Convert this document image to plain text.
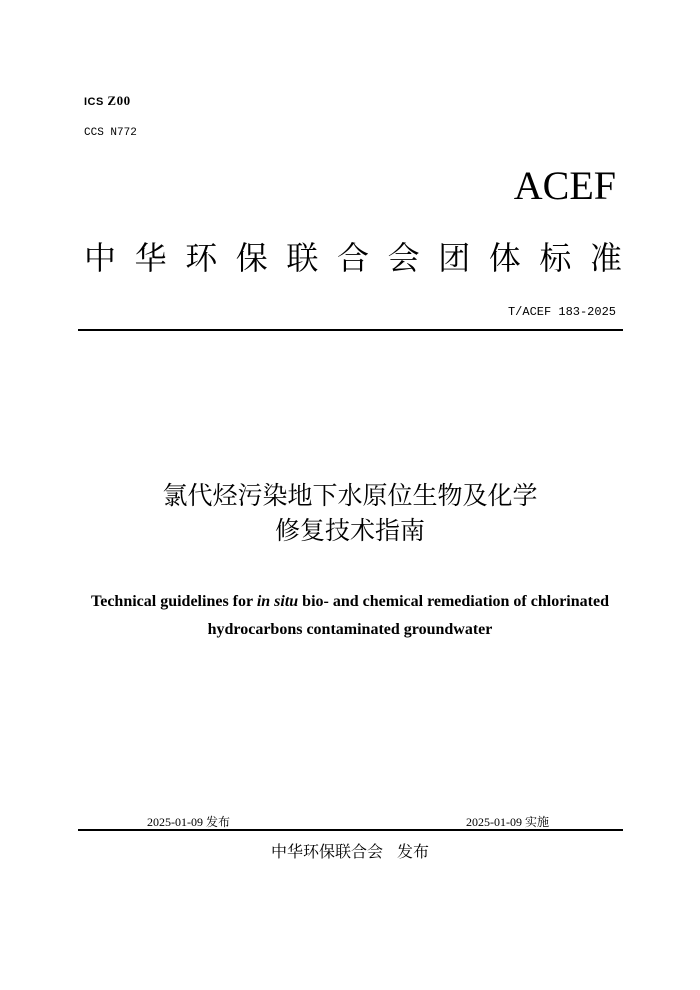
ICS Z00
CCS N772
ACEF
中 华 环 保 联 合 会 团 体 标 准
T/ACEF 183-2025
氯代烃污染地下水原位生物及化学
修复技术指南
Technical guidelines for in situ bio- and chemical remediation of chlorinated
hydrocarbons contaminated groundwater
2025-01-09 发布	2025-01-09 实施
中华环保联合会 发布
